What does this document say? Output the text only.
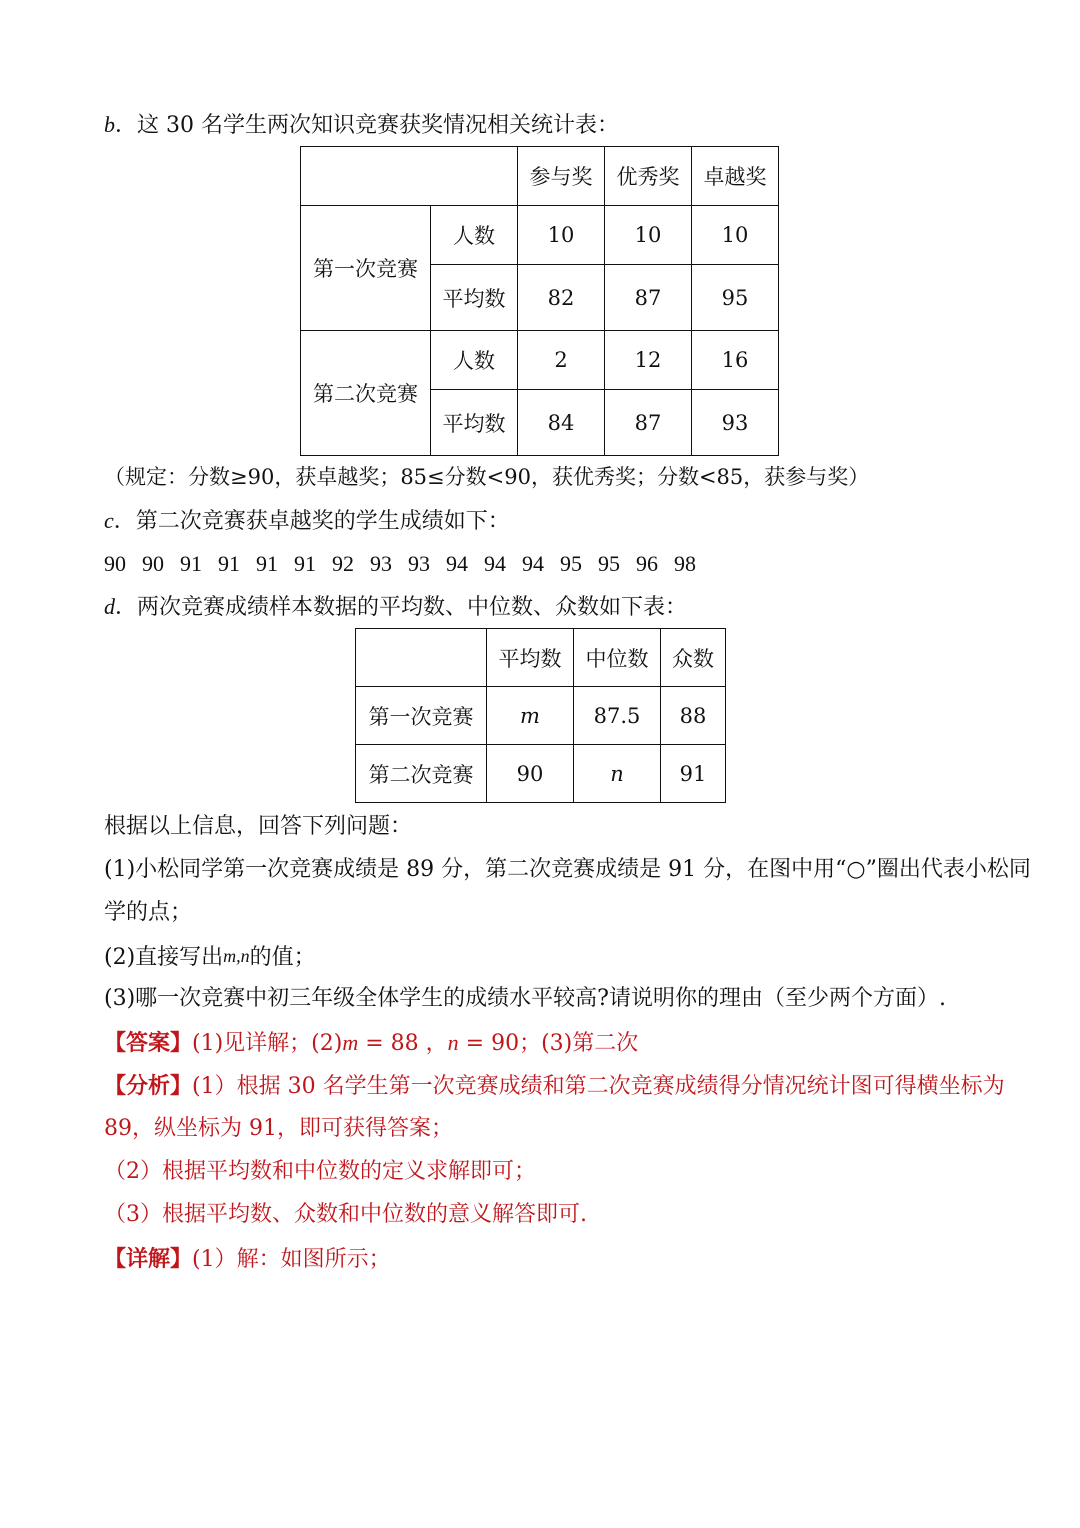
b．这 30 名学生两次知识竞赛获奖情况相关统计表：
		参与奖	优秀奖	卓越奖
第一次竞赛	人数	10	10	10
	平均数	82	87	95
第二次竞赛	人数	2	12	16
	平均数	84	87	93
（规定：分数≥90，获卓越奖；85≤分数<90，获优秀奖；分数<85，获参与奖）
c．第二次竞赛获卓越奖的学生成绩如下：
90 90 91 91 91 91 92 93 93 94 94 94 95 95 96 98
d．两次竞赛成绩样本数据的平均数、中位数、众数如下表：
	平均数	中位数	众数
第一次竞赛	m	87.5	88
第二次竞赛	90	n	91
根据以上信息，回答下列问题：
(1)小松同学第一次竞赛成绩是 89 分，第二次竞赛成绩是 91 分，在图中用“○”圈出代表小松同
学的点；
(2)直接写出m,n的值；
(3)哪一次竞赛中初三年级全体学生的成绩水平较高?请说明你的理由（至少两个方面）.
【答案】(1)见详解；(2)m = 88 ，n = 90；(3)第二次
【分析】(1）根据 30 名学生第一次竞赛成绩和第二次竞赛成绩得分情况统计图可得横坐标为
89，纵坐标为 91，即可获得答案；
（2）根据平均数和中位数的定义求解即可；
（3）根据平均数、众数和中位数的意义解答即可.
【详解】(1）解：如图所示；
